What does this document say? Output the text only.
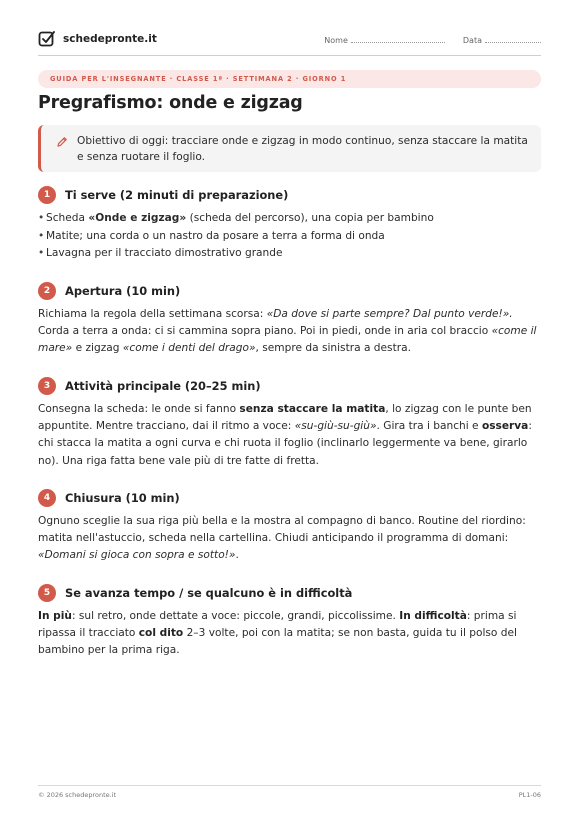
schedepronte.it	Nome	Data
GUIDA PER L'INSEGNANTE · CLASSE 1ª · SETTIMANA 2 · GIORNO 1
Pregrafismo: onde e zigzag
Obiettivo di oggi: tracciare onde e zigzag in modo continuo, senza staccare la matita e senza ruotare il foglio.
1	Ti serve (2 minuti di preparazione)
• Scheda «Onde e zigzag» (scheda del percorso), una copia per bambino
• Matite; una corda o un nastro da posare a terra a forma di onda
• Lavagna per il tracciato dimostrativo grande
2	Apertura (10 min)

Richiama la regola della settimana scorsa: «Da dove si parte sempre? Dal punto verde!». Corda a terra a onda: ci si cammina sopra piano. Poi in piedi, onde in aria col braccio «come il mare» e zigzag «come i denti del drago», sempre da sinistra a destra.

3	Attività principale (20–25 min)

Consegna la scheda: le onde si fanno senza staccare la matita, lo zigzag con le punte ben appuntite. Mentre tracciano, dai il ritmo a voce: «su-giù-su-giù». Gira tra i banchi e osserva: chi stacca la matita a ogni curva e chi ruota il foglio (inclinarlo leggermente va bene, girarlo no). Una riga fatta bene vale più di tre fatte di fretta.

4	Chiusura (10 min)

Ognuno sceglie la sua riga più bella e la mostra al compagno di banco. Routine del riordino: matita nell'astuccio, scheda nella cartellina. Chiudi anticipando il programma di domani: «Domani si gioca con sopra e sotto!».

5	Se avanza tempo / se qualcuno è in difficoltà

In più: sul retro, onde dettate a voce: piccole, grandi, piccolissime. In difficoltà: prima si ripassa il tracciato col dito 2–3 volte, poi con la matita; se non basta, guida tu il polso del bambino per la prima riga.

© 2026 schedepronte.it	PL1-06
